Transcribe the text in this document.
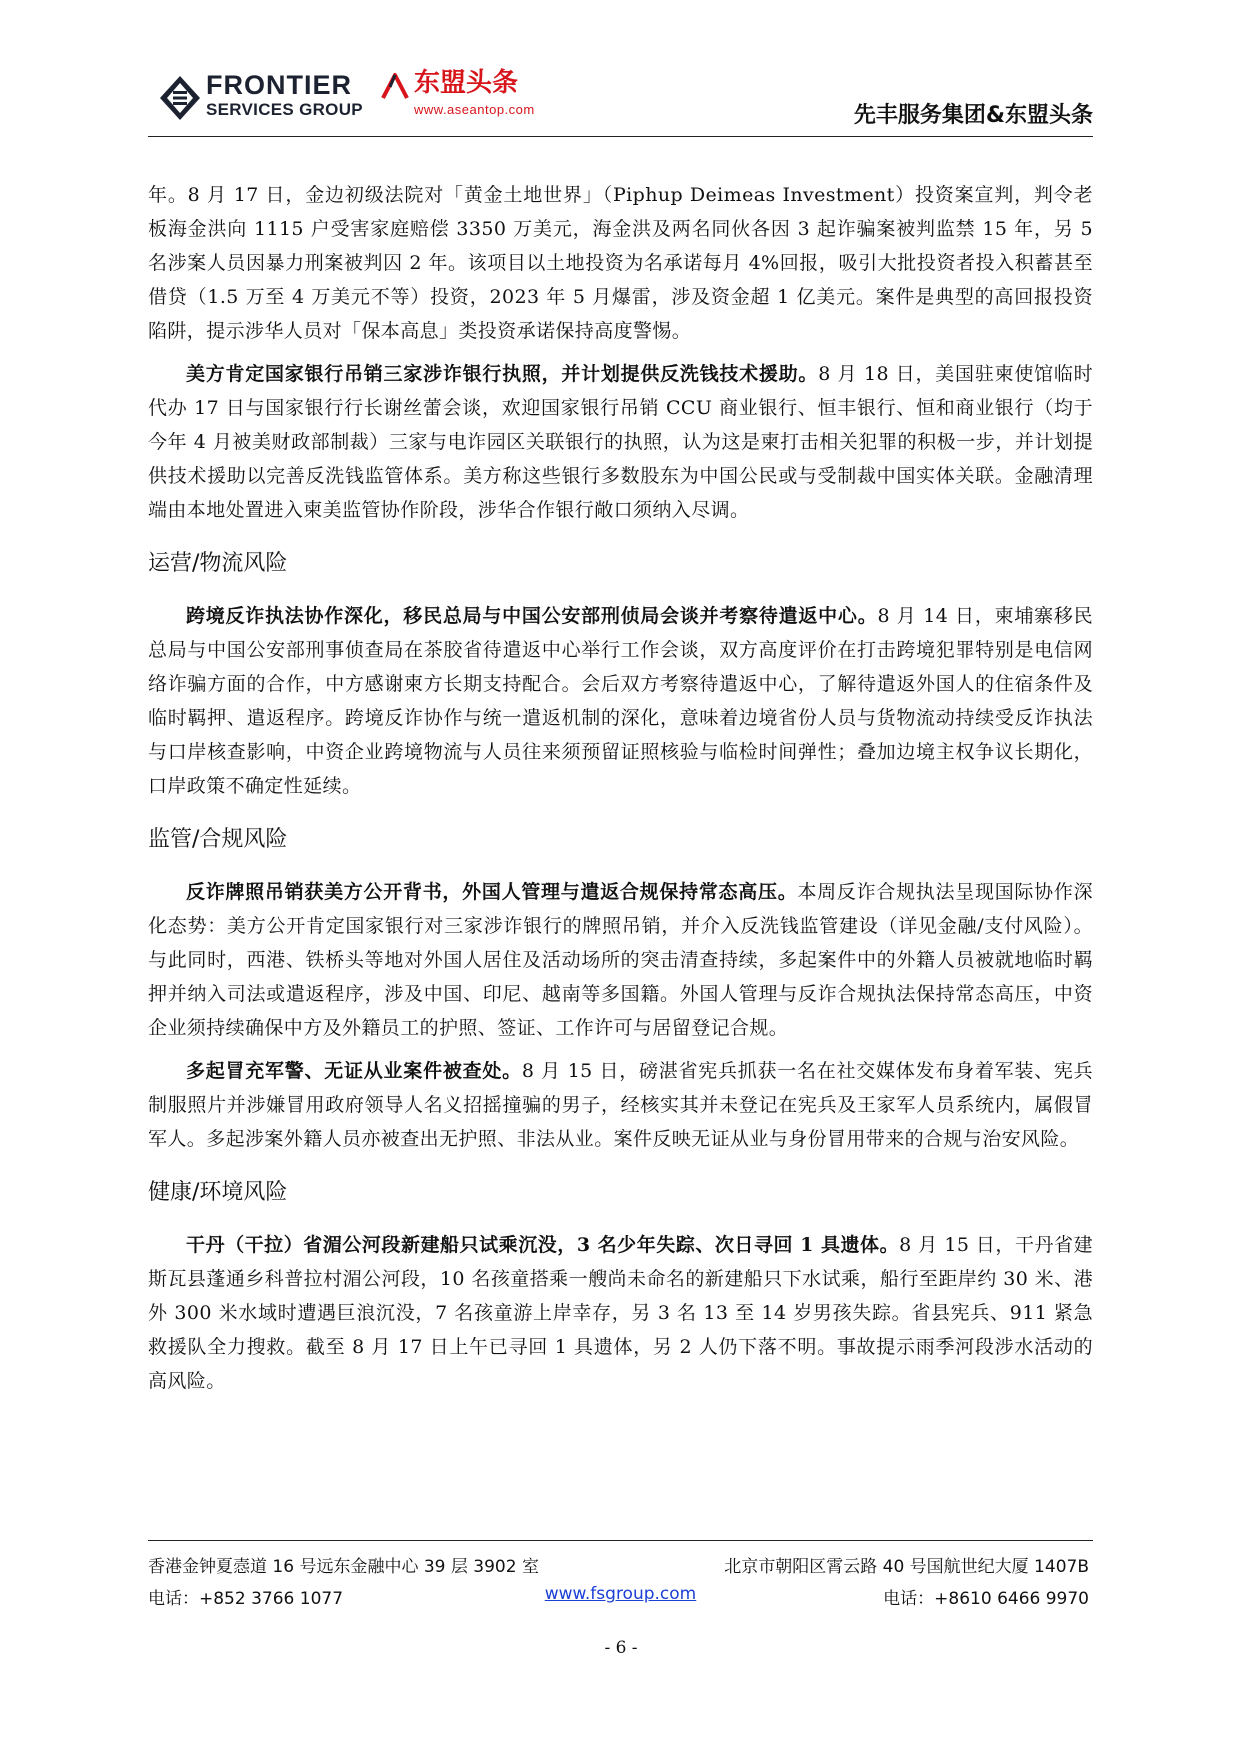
FRONTIER
SERVICES GROUP
东盟头条
www.aseantop.com	先丰服务集团&东盟头条

年。8 月 17 日，金边初级法院对「黄金土地世界」（Piphup Deimeas Investment）投资案宣判，判令老板海金洪向 1115 户受害家庭赔偿 3350 万美元，海金洪及两名同伙各因 3 起诈骗案被判监禁 15 年，另 5 名涉案人员因暴力刑案被判囚 2 年。该项目以土地投资为名承诺每月 4%回报，吸引大批投资者投入积蓄甚至借贷（1.5 万至 4 万美元不等）投资，2023 年 5 月爆雷，涉及资金超 1 亿美元。案件是典型的高回报投资陷阱，提示涉华人员对「保本高息」类投资承诺保持高度警惕。

美方肯定国家银行吊销三家涉诈银行执照，并计划提供反洗钱技术援助。8 月 18 日，美国驻柬使馆临时代办 17 日与国家银行行长谢丝蕾会谈，欢迎国家银行吊销 CCU 商业银行、恒丰银行、恒和商业银行（均于今年 4 月被美财政部制裁）三家与电诈园区关联银行的执照，认为这是柬打击相关犯罪的积极一步，并计划提供技术援助以完善反洗钱监管体系。美方称这些银行多数股东为中国公民或与受制裁中国实体关联。金融清理端由本地处置进入柬美监管协作阶段，涉华合作银行敞口须纳入尽调。

运营/物流风险

跨境反诈执法协作深化，移民总局与中国公安部刑侦局会谈并考察待遣返中心。8 月 14 日，柬埔寨移民总局与中国公安部刑事侦查局在茶胶省待遣返中心举行工作会谈，双方高度评价在打击跨境犯罪特别是电信网络诈骗方面的合作，中方感谢柬方长期支持配合。会后双方考察待遣返中心，了解待遣返外国人的住宿条件及临时羁押、遣返程序。跨境反诈协作与统一遣返机制的深化，意味着边境省份人员与货物流动持续受反诈执法与口岸核查影响，中资企业跨境物流与人员往来须预留证照核验与临检时间弹性；叠加边境主权争议长期化，口岸政策不确定性延续。

监管/合规风险

反诈牌照吊销获美方公开背书，外国人管理与遣返合规保持常态高压。本周反诈合规执法呈现国际协作深化态势：美方公开肯定国家银行对三家涉诈银行的牌照吊销，并介入反洗钱监管建设（详见金融/支付风险）。与此同时，西港、铁桥头等地对外国人居住及活动场所的突击清查持续，多起案件中的外籍人员被就地临时羁押并纳入司法或遣返程序，涉及中国、印尼、越南等多国籍。外国人管理与反诈合规执法保持常态高压，中资企业须持续确保中方及外籍员工的护照、签证、工作许可与居留登记合规。

多起冒充军警、无证从业案件被查处。8 月 15 日，磅湛省宪兵抓获一名在社交媒体发布身着军装、宪兵制服照片并涉嫌冒用政府领导人名义招摇撞骗的男子，经核实其并未登记在宪兵及王家军人员系统内，属假冒军人。多起涉案外籍人员亦被查出无护照、非法从业。案件反映无证从业与身份冒用带来的合规与治安风险。

健康/环境风险

干丹（干拉）省湄公河段新建船只试乘沉没，3 名少年失踪、次日寻回 1 具遗体。8 月 15 日，干丹省建斯瓦县蓬通乡科普拉村湄公河段，10 名孩童搭乘一艘尚未命名的新建船只下水试乘，船行至距岸约 30 米、港外 300 米水域时遭遇巨浪沉没，7 名孩童游上岸幸存，另 3 名 13 至 14 岁男孩失踪。省县宪兵、911 紧急救援队全力搜救。截至 8 月 17 日上午已寻回 1 具遗体，另 2 人仍下落不明。事故提示雨季河段涉水活动的高风险。

香港金钟夏悫道 16 号远东金融中心 39 层 3902 室	北京市朝阳区霄云路 40 号国航世纪大厦 1407B
电话：+852 3766 1077	www.fsgroup.com	电话：+8610 6466 9970
- 6 -
